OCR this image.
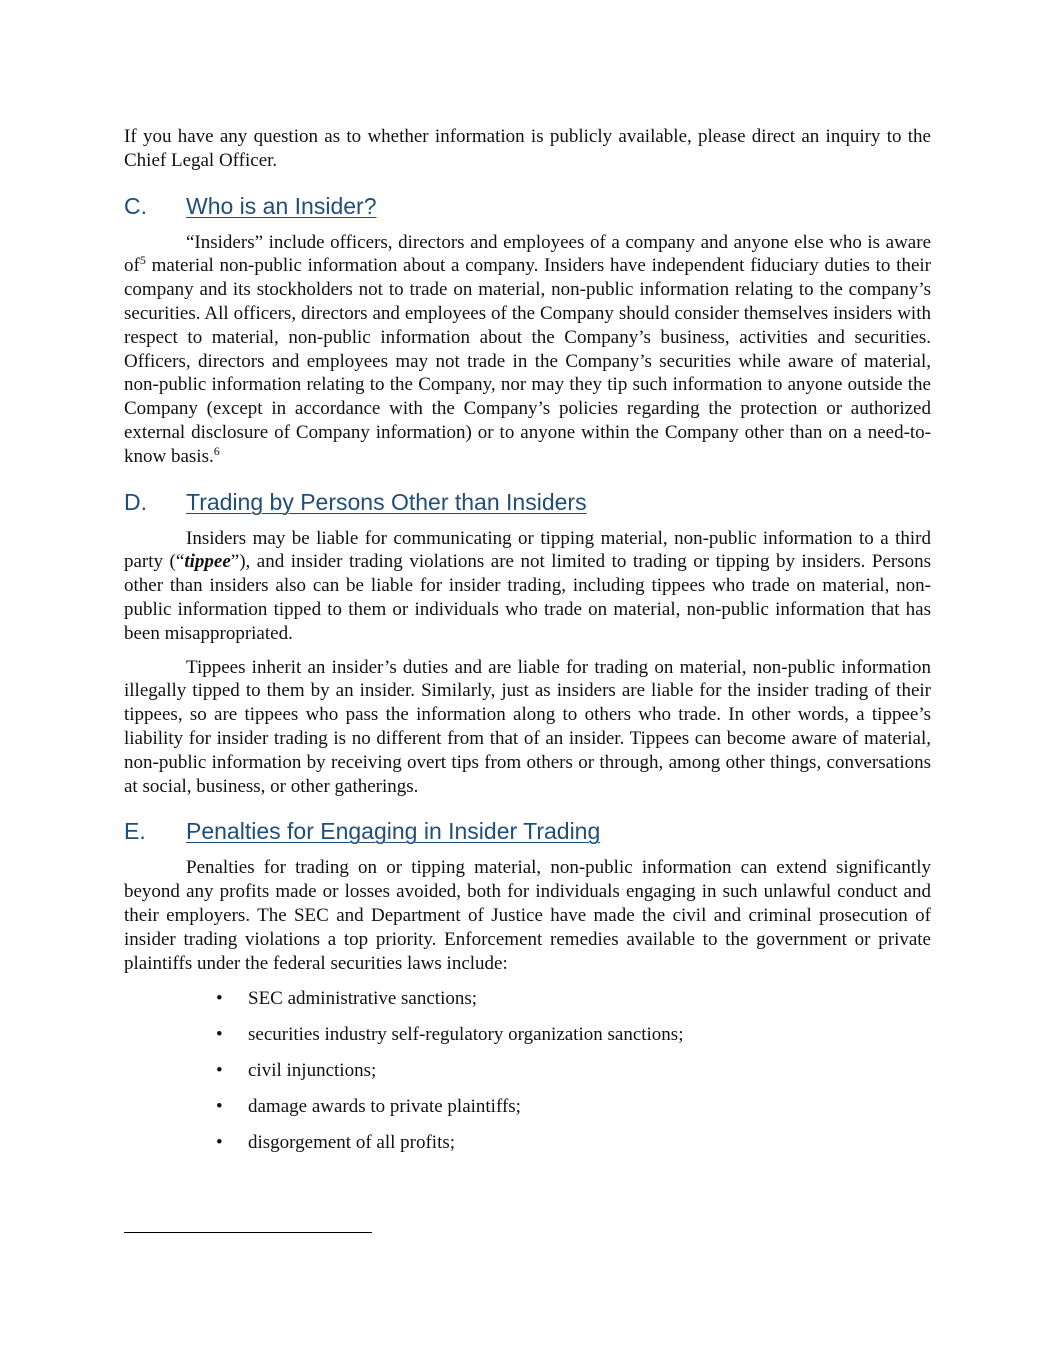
If you have any question as to whether information is publicly available, please direct an inquiry to the Chief Legal Officer.

C.	Who is an Insider?

“Insiders” include officers, directors and employees of a company and anyone else who is aware $of^5$ material non-public information about a company. Insiders have independent fiduciary duties to their company and its stockholders not to trade on material, non-public information relating to the company’s securities. All officers, directors and employees of the Company should consider themselves insiders with respect to material, non-public information about the Company’s business, activities and securities. Officers, directors and employees may not trade in the Company’s securities while aware of material, non-public information relating to the Company, nor may they tip such information to anyone outside the Company (except in accordance with the Company’s policies regarding the protection or authorized external disclosure of Company information) or to anyone within the Company other than on a need-to-know basis.$^6$

D.	Trading by Persons Other than Insiders

Insiders may be liable for communicating or tipping material, non-public information to a third party (“tippee”), and insider trading violations are not limited to trading or tipping by insiders. Persons other than insiders also can be liable for insider trading, including tippees who trade on material, non-public information tipped to them or individuals who trade on material, non-public information that has been misappropriated.

Tippees inherit an insider’s duties and are liable for trading on material, non-public information illegally tipped to them by an insider. Similarly, just as insiders are liable for the insider trading of their tippees, so are tippees who pass the information along to others who trade. In other words, a tippee’s liability for insider trading is no different from that of an insider. Tippees can become aware of material, non-public information by receiving overt tips from others or through, among other things, conversations at social, business, or other gatherings.

E.	Penalties for Engaging in Insider Trading

Penalties for trading on or tipping material, non-public information can extend significantly beyond any profits made or losses avoided, both for individuals engaging in such unlawful conduct and their employers. The SEC and Department of Justice have made the civil and criminal prosecution of insider trading violations a top priority. Enforcement remedies available to the government or private plaintiffs under the federal securities laws include:

• SEC administrative sanctions;
• securities industry self-regulatory organization sanctions;
• civil injunctions;
• damage awards to private plaintiffs;
• disgorgement of all profits;
